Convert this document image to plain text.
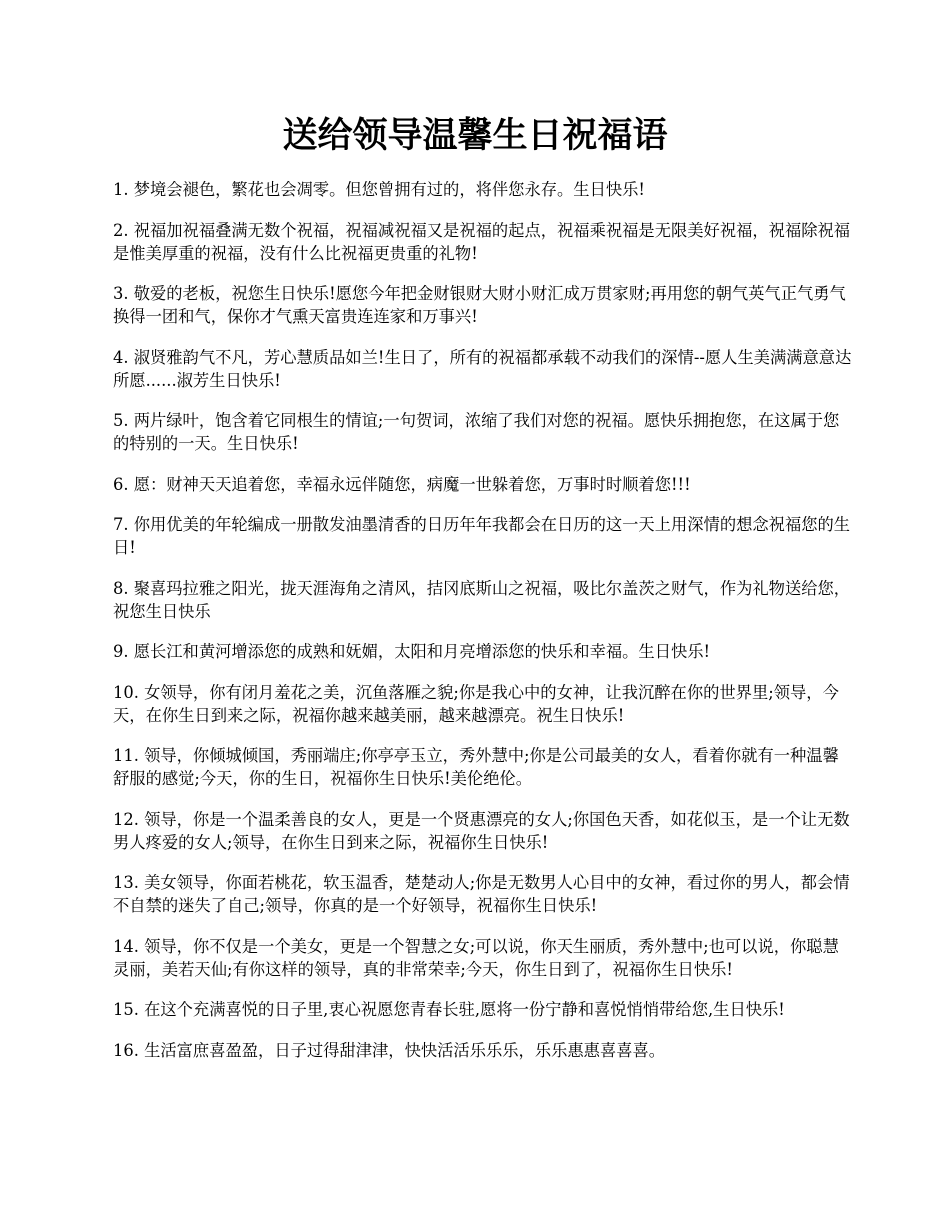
送给领导温馨生日祝福语

1. 梦境会褪色，繁花也会凋零。但您曾拥有过的，将伴您永存。生日快乐!

2. 祝福加祝福叠满无数个祝福，祝福减祝福又是祝福的起点，祝福乘祝福是无限美好祝福，祝福除祝福是惟美厚重的祝福，没有什么比祝福更贵重的礼物!

3. 敬爱的老板，祝您生日快乐!愿您今年把金财银财大财小财汇成万贯家财;再用您的朝气英气正气勇气换得一团和气，保你才气熏天富贵连连家和万事兴!

4. 淑贤雅韵气不凡，芳心慧质品如兰!生日了，所有的祝福都承载不动我们的深情--愿人生美满满意意达所愿......淑芳生日快乐!

5. 两片绿叶，饱含着它同根生的情谊;一句贺词，浓缩了我们对您的祝福。愿快乐拥抱您，在这属于您的特别的一天。生日快乐!

6. 愿：财神天天追着您，幸福永远伴随您，病魔一世躲着您，万事时时顺着您!!!

7. 你用优美的年轮编成一册散发油墨清香的日历年年我都会在日历的这一天上用深情的想念祝福您的生日!

8. 聚喜玛拉雅之阳光，拢天涯海角之清风，拮冈底斯山之祝福，吸比尔盖茨之财气，作为礼物送给您，祝您生日快乐

9. 愿长江和黄河增添您的成熟和妩媚，太阳和月亮增添您的快乐和幸福。生日快乐!

10. 女领导，你有闭月羞花之美，沉鱼落雁之貌;你是我心中的女神，让我沉醉在你的世界里;领导，今天，在你生日到来之际，祝福你越来越美丽，越来越漂亮。祝生日快乐!

11. 领导，你倾城倾国，秀丽端庄;你亭亭玉立，秀外慧中;你是公司最美的女人，看着你就有一种温馨舒服的感觉;今天，你的生日，祝福你生日快乐!美伦绝伦。

12. 领导，你是一个温柔善良的女人，更是一个贤惠漂亮的女人;你国色天香，如花似玉，是一个让无数男人疼爱的女人;领导，在你生日到来之际，祝福你生日快乐!

13. 美女领导，你面若桃花，软玉温香，楚楚动人;你是无数男人心目中的女神，看过你的男人，都会情不自禁的迷失了自己;领导，你真的是一个好领导，祝福你生日快乐!

14. 领导，你不仅是一个美女，更是一个智慧之女;可以说，你天生丽质，秀外慧中;也可以说，你聪慧灵丽，美若天仙;有你这样的领导，真的非常荣幸;今天，你生日到了，祝福你生日快乐!

15. 在这个充满喜悦的日子里,衷心祝愿您青春长驻,愿将一份宁静和喜悦悄悄带给您,生日快乐!

16. 生活富庶喜盈盈，日子过得甜津津，快快活活乐乐乐，乐乐惠惠喜喜喜。
